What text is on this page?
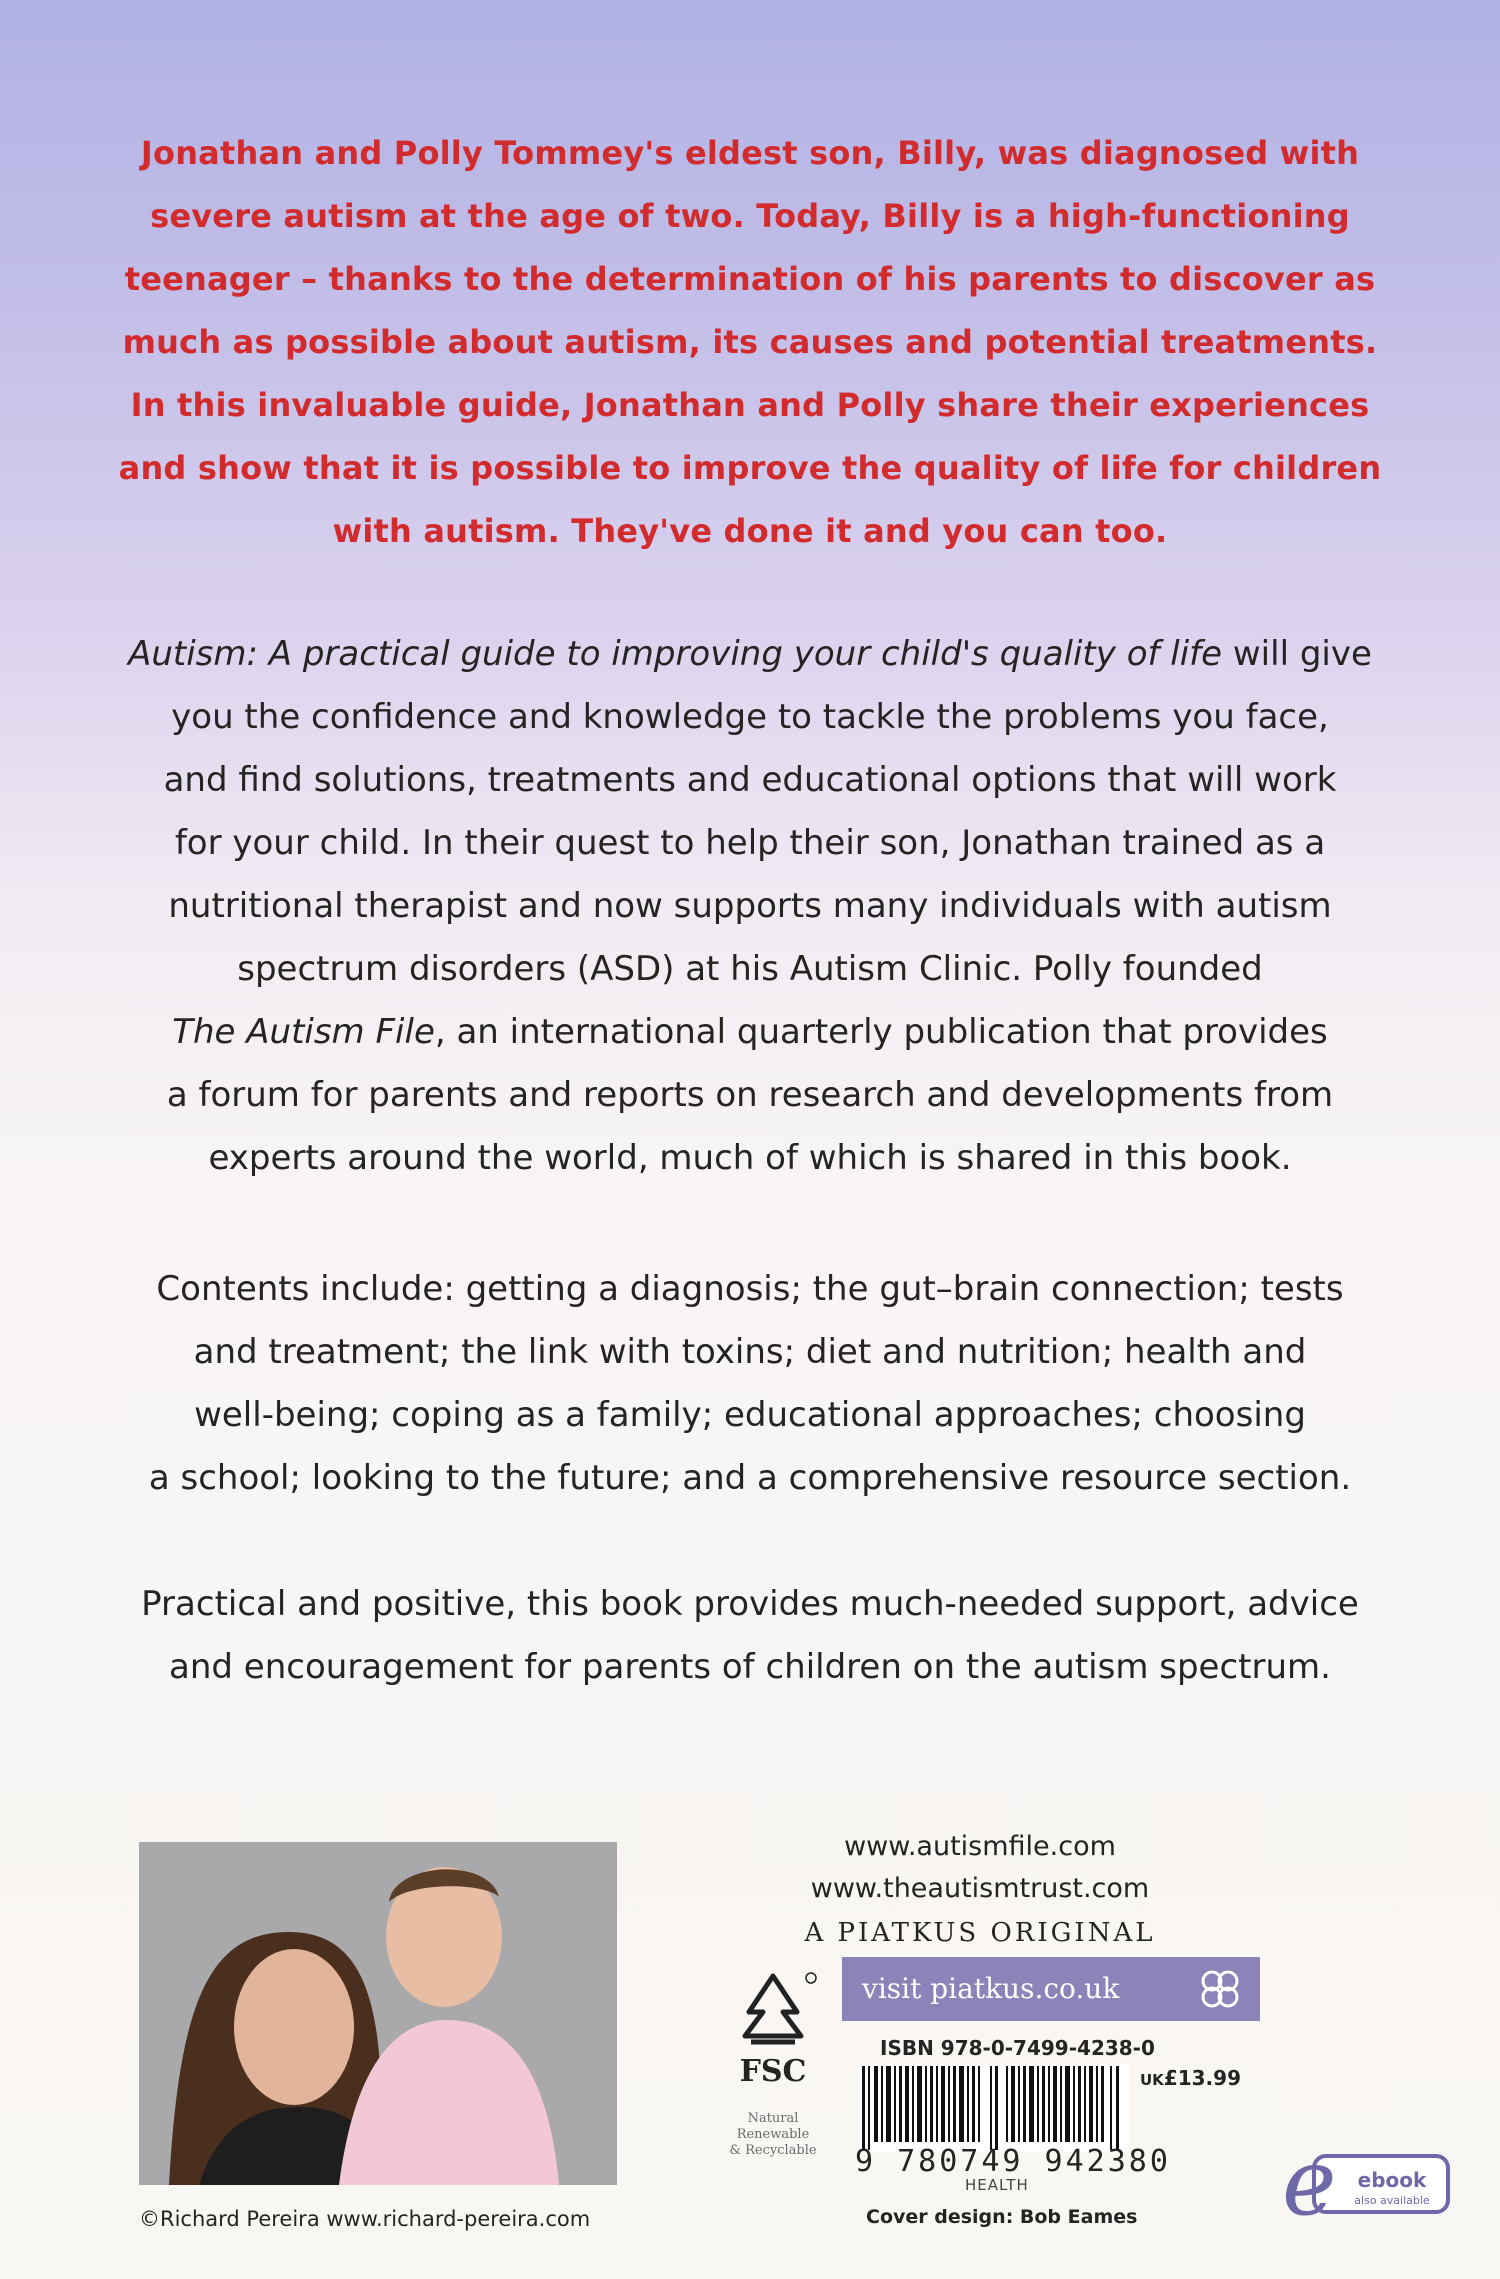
Jonathan and Polly Tommey's eldest son, Billy, was diagnosed with

severe autism at the age of two. Today, Billy is a high-functioning

teenager – thanks to the determination of his parents to discover as

much as possible about autism, its causes and potential treatments.

In this invaluable guide, Jonathan and Polly share their experiences

and show that it is possible to improve the quality of life for children

with autism. They've done it and you can too.

Autism: A practical guide to improving your child's quality of life will give

you the confidence and knowledge to tackle the problems you face,

and find solutions, treatments and educational options that will work

for your child. In their quest to help their son, Jonathan trained as a

nutritional therapist and now supports many individuals with autism

spectrum disorders (ASD) at his Autism Clinic. Polly founded

The Autism File, an international quarterly publication that provides

a forum for parents and reports on research and developments from

experts around the world, much of which is shared in this book.

Contents include: getting a diagnosis; the gut–brain connection; tests

and treatment; the link with toxins; diet and nutrition; health and

well-being; coping as a family; educational approaches; choosing

a school; looking to the future; and a comprehensive resource section.

Practical and positive, this book provides much-needed support, advice

and encouragement for parents of children on the autism spectrum.

©Richard Pereira www.richard-pereira.com
www.autismfile.com
www.theautismtrust.com
A PIATKUS ORIGINAL
visit piatkus.co.uk
FSC
Natural
Renewable
& Recyclable
ISBN 978-0-7499-4238-0
UK£13.99
9 780749 942380
HEALTH
Cover design: Bob Eames e ebook
also available
